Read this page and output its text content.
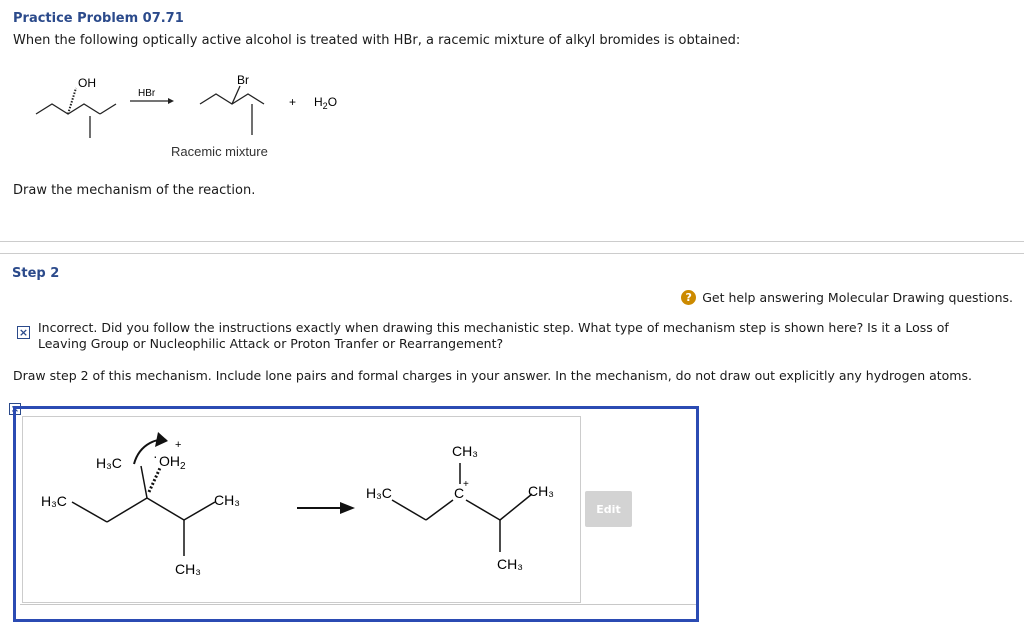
Practice Problem 07.71
When the following optically active alcohol is treated with HBr, a racemic mixture of alkyl bromides is obtained:
OH
HBr
Br
+ $H_2O$
Racemic mixture
Draw the mechanism of the reaction.
Step 2
? Get help answering Molecular Drawing questions.
× Incorrect. Did you follow the instructions exactly when drawing this mechanistic step. What type of mechanism step is shown here? Is it a Loss of Leaving Group or Nucleophilic Attack or Proton Tranfer or Rearrangement?
Draw step 2 of this mechanism. Include lone pairs and formal charges in your answer. In the mechanism, do not draw out explicitly any hydrogen atoms.
×
H₃C
H₃C
CH₃
CH₃
· $OH_2$
+
H₃C
CH₃
C
+	CH₃
CH₃
Edit
